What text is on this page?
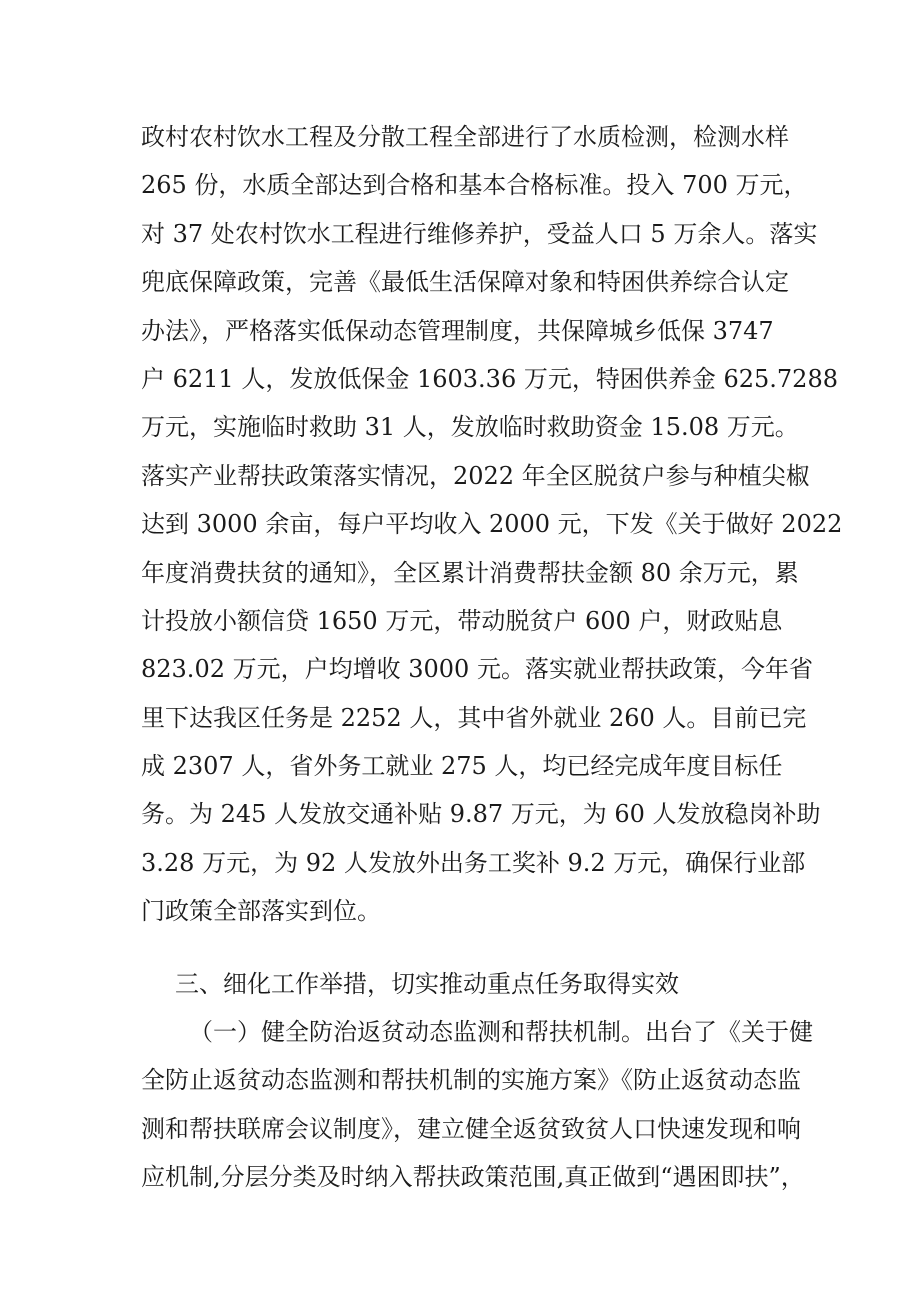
政村农村饮水工程及分散工程全部进行了水质检测，检测水样
265 份，水质全部达到合格和基本合格标准。投入 700 万元，
对 37 处农村饮水工程进行维修养护，受益人口 5 万余人。落实
兜底保障政策，完善《最低生活保障对象和特困供养综合认定
办法》，严格落实低保动态管理制度，共保障城乡低保 3747
户 6211 人，发放低保金 1603.36 万元，特困供养金 625.7288
万元，实施临时救助 31 人，发放临时救助资金 15.08 万元。
落实产业帮扶政策落实情况，2022 年全区脱贫户参与种植尖椒
达到 3000 余亩，每户平均收入 2000 元，下发《关于做好 2022
年度消费扶贫的通知》，全区累计消费帮扶金额 80 余万元，累
计投放小额信贷 1650 万元，带动脱贫户 600 户，财政贴息
823.02 万元，户均增收 3000 元。落实就业帮扶政策，今年省
里下达我区任务是 2252 人，其中省外就业 260 人。目前已完
成 2307 人，省外务工就业 275 人，均已经完成年度目标任
务。为 245 人发放交通补贴 9.87 万元，为 60 人发放稳岗补助
3.28 万元，为 92 人发放外出务工奖补 9.2 万元，确保行业部
门政策全部落实到位。
三、细化工作举措，切实推动重点任务取得实效
（一）健全防治返贫动态监测和帮扶机制。出台了《关于健
全防止返贫动态监测和帮扶机制的实施方案》《防止返贫动态监
测和帮扶联席会议制度》，建立健全返贫致贫人口快速发现和响
应机制,分层分类及时纳入帮扶政策范围,真正做到“遇困即扶”，
